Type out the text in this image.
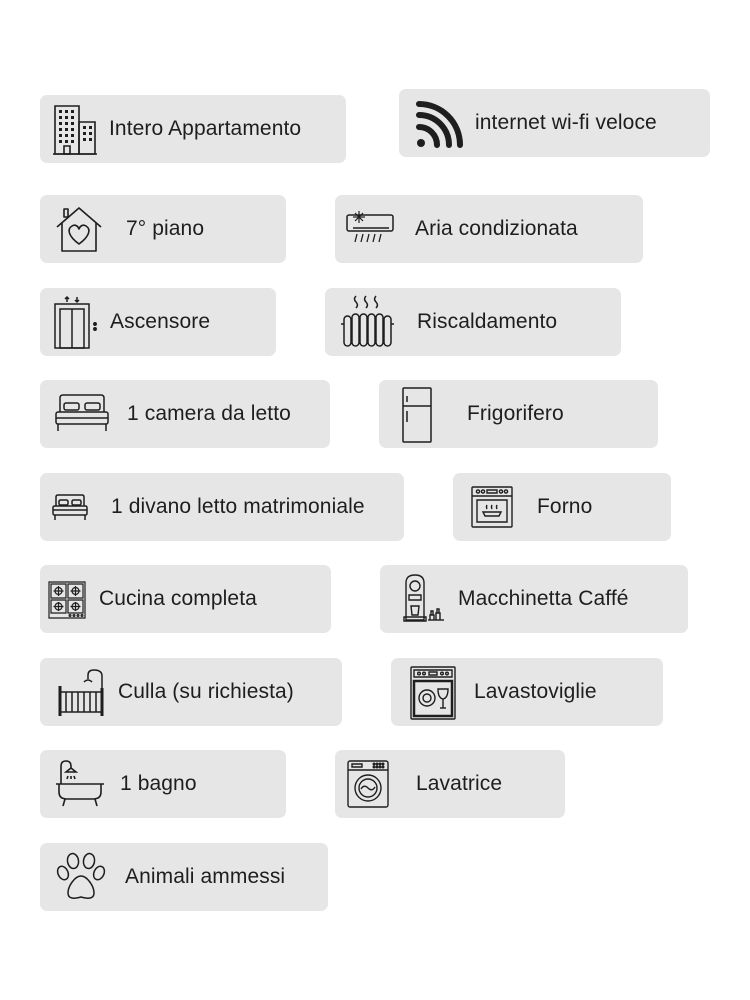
Intero Appartamento	internet wi-fi veloce
7° piano	Aria condizionata
Ascensore	Riscaldamento
1 camera da letto	Frigorifero
1 divano letto matrimoniale	Forno
Cucina completa	Macchinetta Caffé
Culla (su richiesta)	Lavastoviglie
1 bagno	Lavatrice
Animali ammessi
